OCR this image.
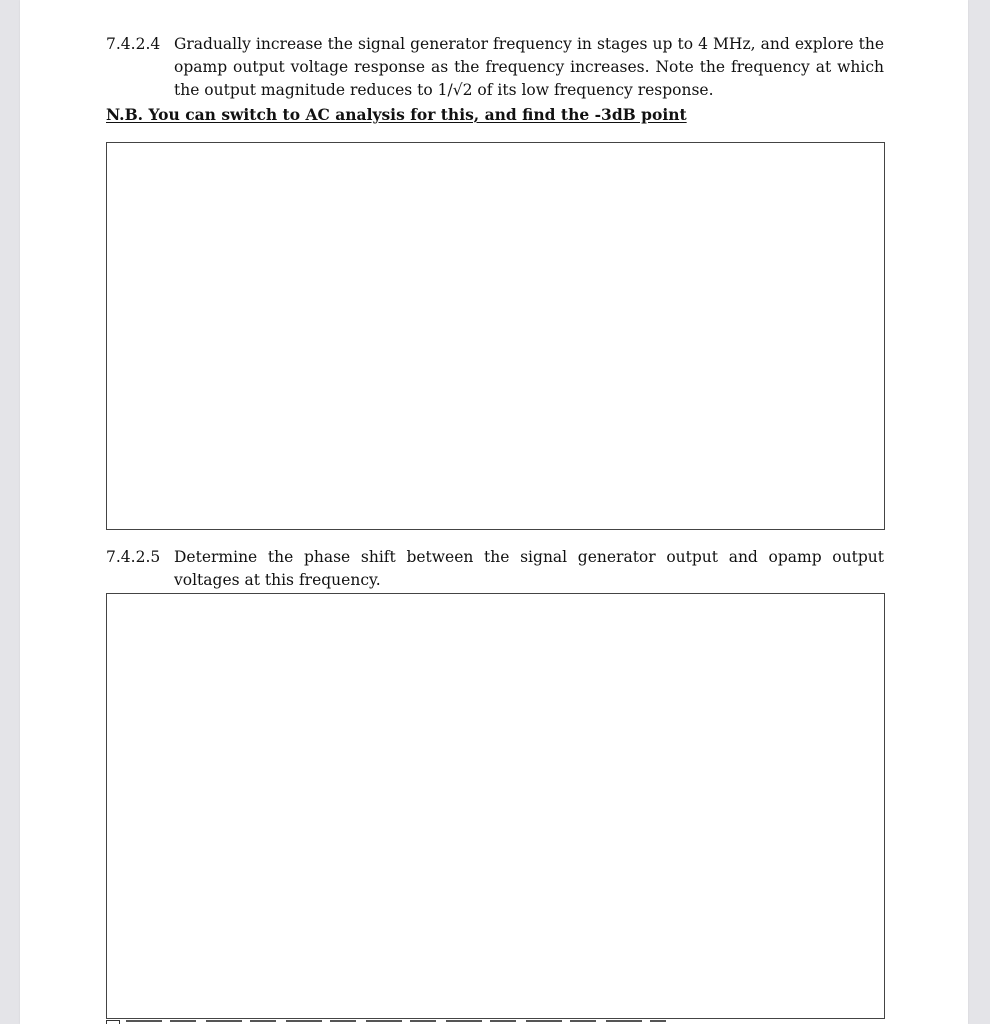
7.4.2.4 Gradually increase the signal generator frequency in stages up to 4 MHz, and explore the opamp output voltage response as the frequency increases. Note the frequency at which the output magnitude reduces to 1/√2 of its low frequency response.
N.B. You can switch to AC analysis for this, and find the -3dB point
7.4.2.5 Determine the phase shift between the signal generator output and opamp output voltages at this frequency.
